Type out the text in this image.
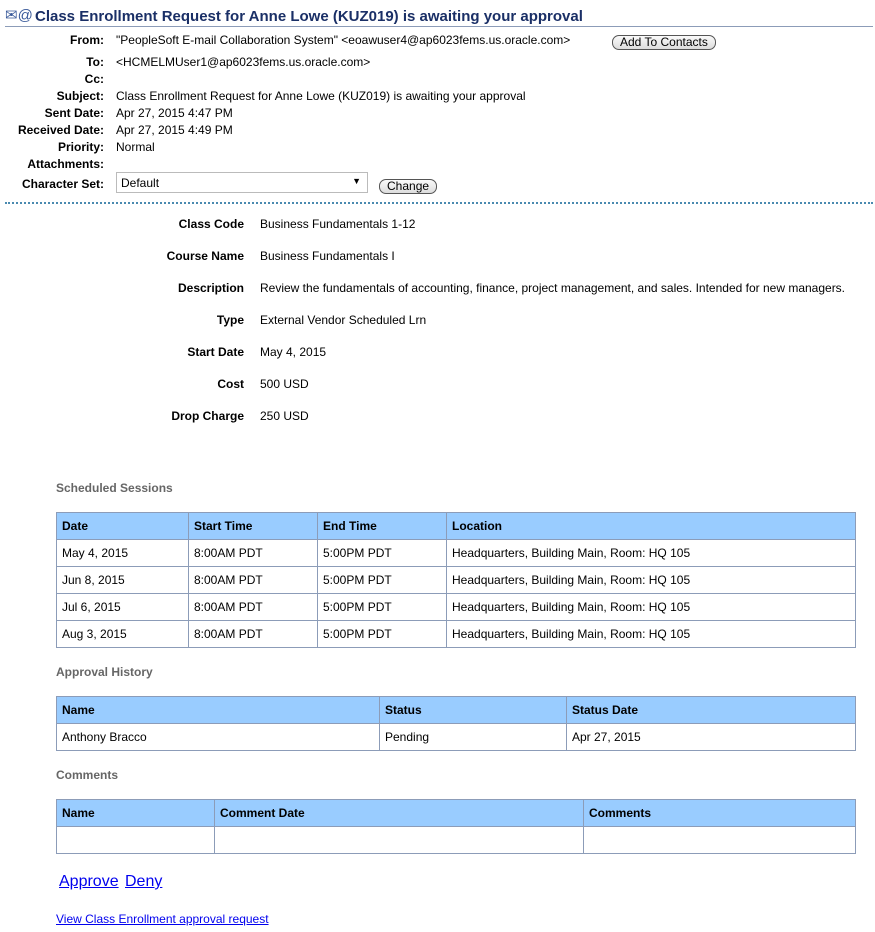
✉@ Class Enrollment Request for Anne Lowe (KUZ019) is awaiting your approval
From: "PeopleSoft E-mail Collaboration System" <eoawuser4@ap6023fems.us.oracle.com>	Add To Contacts
To: <HCMELMUser1@ap6023fems.us.oracle.com>
Cc:
Subject: Class Enrollment Request for Anne Lowe (KUZ019) is awaiting your approval
Sent Date: Apr 27, 2015 4:47 PM
Received Date: Apr 27, 2015 4:49 PM
Priority: Normal
Attachments:
Character Set: Default	▼	Change
Class Code Business Fundamentals 1-12
Course Name Business Fundamentals I
Description Review the fundamentals of accounting, finance, project management, and sales. Intended for new managers.
Type External Vendor Scheduled Lrn
Start Date May 4, 2015
Cost 500 USD
Drop Charge 250 USD
Scheduled Sessions
Date	Start Time	End Time	Location
May 4, 2015	8:00AM PDT	5:00PM PDT	Headquarters, Building Main, Room: HQ 105
Jun 8, 2015	8:00AM PDT	5:00PM PDT	Headquarters, Building Main, Room: HQ 105
Jul 6, 2015	8:00AM PDT	5:00PM PDT	Headquarters, Building Main, Room: HQ 105
Aug 3, 2015	8:00AM PDT	5:00PM PDT	Headquarters, Building Main, Room: HQ 105
Approval History
Name	Status	Status Date
Anthony Bracco	Pending	Apr 27, 2015
Comments
Name	Comment Date	Comments

Approve Deny
View Class Enrollment approval request
